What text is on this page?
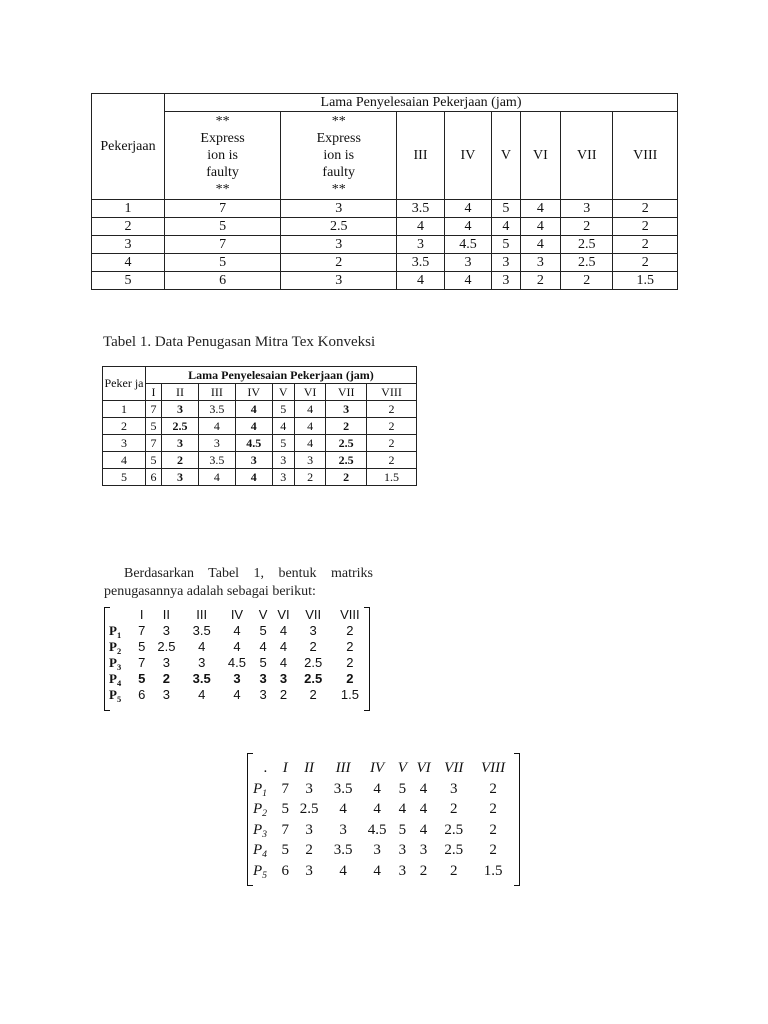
Pekerjaan	Lama Penyelesaian Pekerjaan (jam)							
	**
Express
ion is
faulty
**	**
Express
ion is
faulty
**	III	IV	V	VI	VII	VIII
1	7	3	3.5	4	5	4	3	2
2	5	2.5	4	4	4	4	2	2
3	7	3	3	4.5	5	4	2.5	2
4	5	2	3.5	3	3	3	2.5	2
5	6	3	4	4	3	2	2	1.5
Tabel 1. Data Penugasan Mitra Tex Konveksi
Peker ja	Lama Penyelesaian Pekerjaan (jam)							
	I	II	III	IV	V	VI	VII	VIII
1	7	3	3.5	4	5	4	3	2
2	5	2.5	4	4	4	4	2	2
3	7	3	3	4.5	5	4	2.5	2
4	5	2	3.5	3	3	3	2.5	2
5	6	3	4	4	3	2	2	1.5
Berdasarkan Tabel 1, bentuk matriks
penugasannya adalah sebagai berikut:
	I	II	III	IV	V	VI	VII	VIII
$P_1$	7	3	3.5	4	5	4	3	2
$P_2$	5	2.5	4	4	4	4	2	2
$P_3$	7	3	3	4.5	5	4	2.5	2
$P_4$	5	2	3.5	3	3	3	2.5	2
$P_5$	6	3	4	4	3	2	2	1.5
.	I	II	III	IV	V	VI	VII	VIII
$P_1$	7	3	3.5	4	5	4	3	2
$P_2$	5	2.5	4	4	4	4	2	2
$P_3$	7	3	3	4.5	5	4	2.5	2
$P_4$	5	2	3.5	3	3	3	2.5	2
$P_5$	6	3	4	4	3	2	2	1.5
